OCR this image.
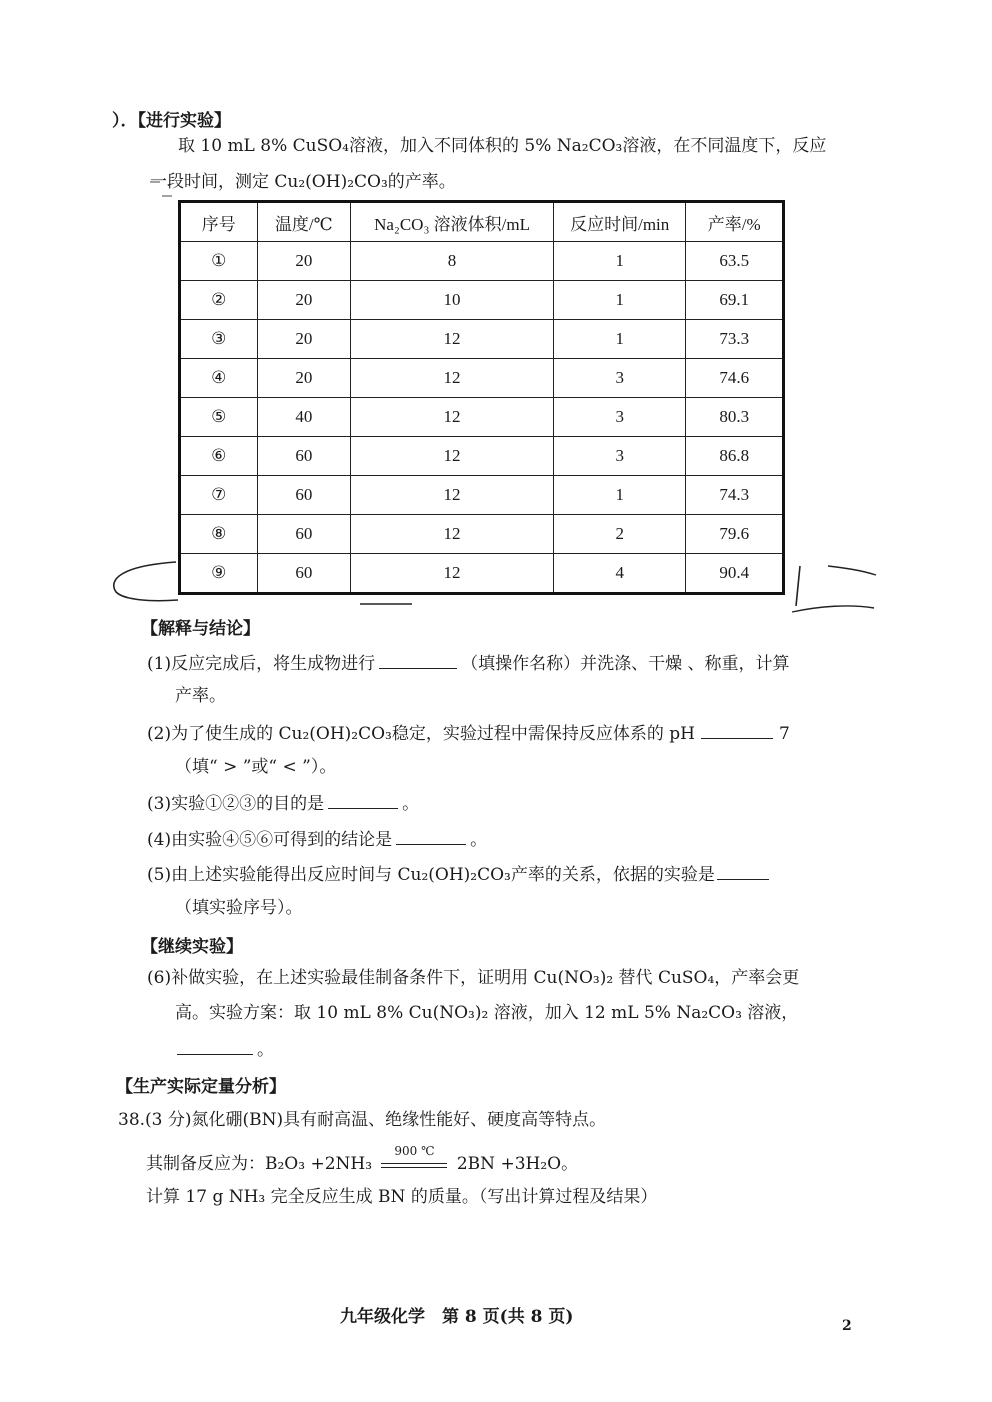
）．【进行实验】
取 10 mL 8% CuSO₄溶液，加入不同体积的 5% Na₂CO₃溶液，在不同温度下，反应
一段时间，测定 Cu₂(OH)₂CO₃的产率。
序号	温度/℃	Na₂CO₃ 溶液体积/mL	反应时间/min	产率/%
①	20	8	1	63.5
②	20	10	1	69.1
③	20	12	1	73.3
④	20	12	3	74.6
⑤	40	12	3	80.3
⑥	60	12	3	86.8
⑦	60	12	1	74.3
⑧	60	12	2	79.6
⑨	60	12	4	90.4
【解释与结论】
(1)反应完成后，将生成物进行	（填操作名称）并洗涤、干燥 、称重，计算
产率。
(2)为了使生成的 Cu₂(OH)₂CO₃稳定，实验过程中需保持反应体系的 pH	7
（填“ > ”或“ < ”）。
(3)实验①②③的目的是	。
(4)由实验④⑤⑥可得到的结论是	。
(5)由上述实验能得出反应时间与 Cu₂(OH)₂CO₃产率的关系，依据的实验是
（填实验序号）。
【继续实验】
(6)补做实验，在上述实验最佳制备条件下，证明用 Cu(NO₃)₂ 替代 CuSO₄，产率会更
高。实验方案：取 10 mL 8% Cu(NO₃)₂ 溶液，加入 12 mL 5% Na₂CO₃ 溶液，
。
【生产实际定量分析】
38.(3 分)氮化硼(BN)具有耐高温、绝缘性能好、硬度高等特点。
其制备反应为：B₂O₃ +2NH₃
900 ℃
2BN +3H₂O。
计算 17 g NH₃ 完全反应生成 BN 的质量。（写出计算过程及结果）
九年级化学　第 8 页(共 8 页)	2
